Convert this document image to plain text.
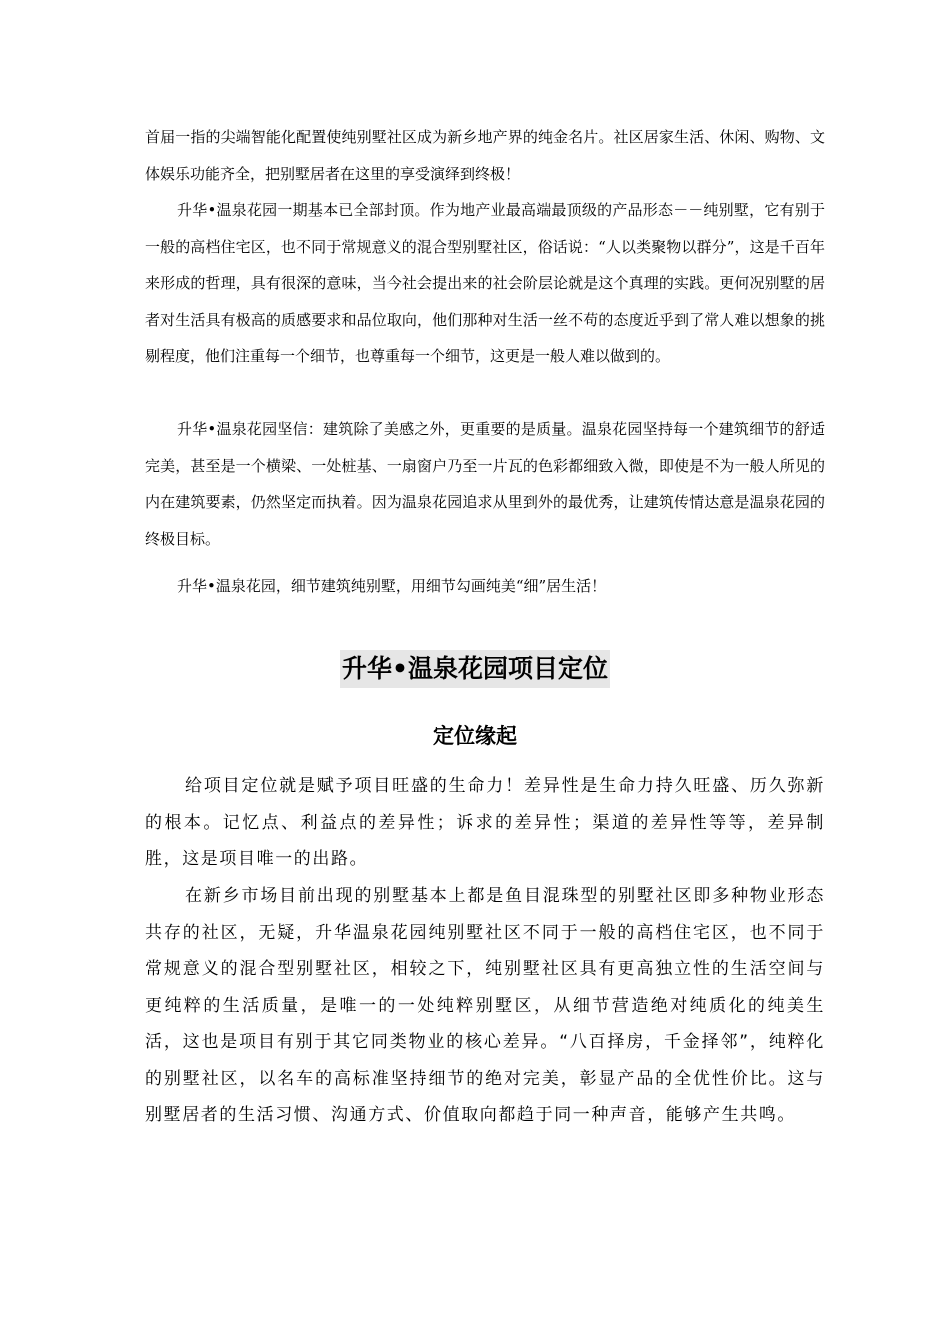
首届一指的尖端智能化配置使纯别墅社区成为新乡地产界的纯金名片。社区居家生活、休闲、购物、文体娱乐功能齐全，把别墅居者在这里的享受演绎到终极！

升华•温泉花园一期基本已全部封顶。作为地产业最高端最顶级的产品形态－－纯别墅，它有别于一般的高档住宅区，也不同于常规意义的混合型别墅社区，俗话说：“人以类聚物以群分”，这是千百年来形成的哲理，具有很深的意味，当今社会提出来的社会阶层论就是这个真理的实践。更何况别墅的居者对生活具有极高的质感要求和品位取向，他们那种对生活一丝不苟的态度近乎到了常人难以想象的挑剔程度，他们注重每一个细节，也尊重每一个细节，这更是一般人难以做到的。

升华•温泉花园坚信：建筑除了美感之外，更重要的是质量。温泉花园坚持每一个建筑细节的舒适完美，甚至是一个横梁、一处桩基、一扇窗户乃至一片瓦的色彩都细致入微，即使是不为一般人所见的内在建筑要素，仍然坚定而执着。因为温泉花园追求从里到外的最优秀，让建筑传情达意是温泉花园的终极目标。

升华•温泉花园，细节建筑纯别墅，用细节勾画纯美“细”居生活！

升华•温泉花园项目定位
定位缘起

给项目定位就是赋予项目旺盛的生命力！差异性是生命力持久旺盛、历久弥新的根本。记忆点、利益点的差异性；诉求的差异性；渠道的差异性等等，差异制胜，这是项目唯一的出路。

在新乡市场目前出现的别墅基本上都是鱼目混珠型的别墅社区即多种物业形态共存的社区，无疑，升华温泉花园纯别墅社区不同于一般的高档住宅区，也不同于常规意义的混合型别墅社区，相较之下，纯别墅社区具有更高独立性的生活空间与更纯粹的生活质量，是唯一的一处纯粹别墅区，从细节营造绝对纯质化的纯美生活，这也是项目有别于其它同类物业的核心差异。“八百择房，千金择邻”，纯粹化的别墅社区，以名车的高标准坚持细节的绝对完美，彰显产品的全优性价比。这与别墅居者的生活习惯、沟通方式、价值取向都趋于同一种声音，能够产生共鸣。
